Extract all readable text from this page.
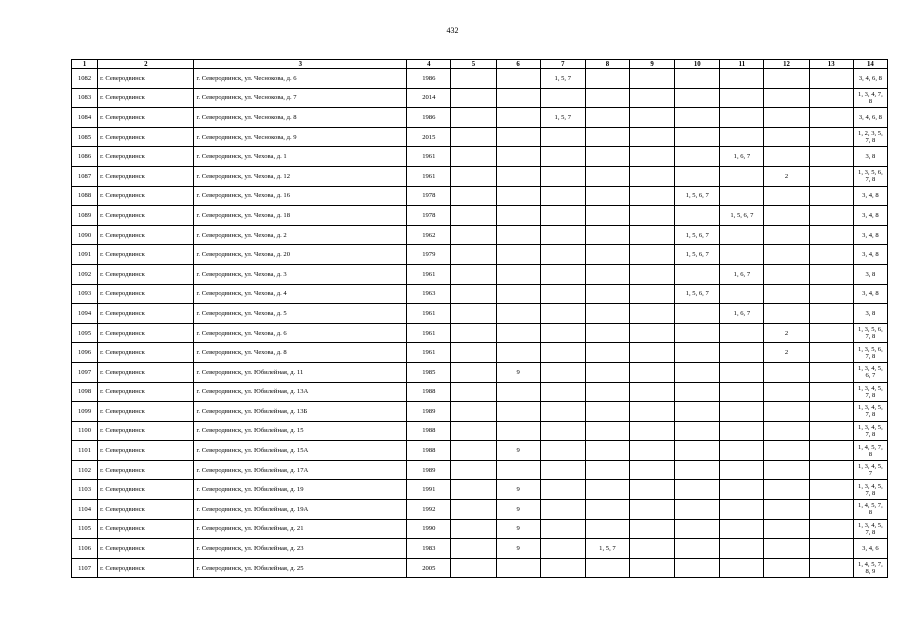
432
1	2	3	4	5	6	7	8	9	10	11	12	13	14
1082	г. Северодвинск	г. Северодвинск, ул. Чеснокова, д. 6	1986			1, 5, 7							3, 4, 6, 8
1083	г. Северодвинск	г. Северодвинск, ул. Чеснокова, д. 7	2014										1, 3, 4, 7, 8
1084	г. Северодвинск	г. Северодвинск, ул. Чеснокова, д. 8	1986			1, 5, 7							3, 4, 6, 8
1085	г. Северодвинск	г. Северодвинск, ул. Чеснокова, д. 9	2015										1, 2, 3, 5, 7, 8
1086	г. Северодвинск	г. Северодвинск, ул. Чехова, д. 1	1961							1, 6, 7			3, 8
1087	г. Северодвинск	г. Северодвинск, ул. Чехова, д. 12	1961								2		1, 3, 5, 6, 7, 8
1088	г. Северодвинск	г. Северодвинск, ул. Чехова, д. 16	1978						1, 5, 6, 7				3, 4, 8
1089	г. Северодвинск	г. Северодвинск, ул. Чехова, д. 18	1978							1, 5, 6, 7			3, 4, 8
1090	г. Северодвинск	г. Северодвинск, ул. Чехова, д. 2	1962						1, 5, 6, 7				3, 4, 8
1091	г. Северодвинск	г. Северодвинск, ул. Чехова, д. 20	1979						1, 5, 6, 7				3, 4, 8
1092	г. Северодвинск	г. Северодвинск, ул. Чехова, д. 3	1961							1, 6, 7			3, 8
1093	г. Северодвинск	г. Северодвинск, ул. Чехова, д. 4	1963						1, 5, 6, 7				3, 4, 8
1094	г. Северодвинск	г. Северодвинск, ул. Чехова, д. 5	1961							1, 6, 7			3, 8
1095	г. Северодвинск	г. Северодвинск, ул. Чехова, д. 6	1961								2		1, 3, 5, 6, 7, 8
1096	г. Северодвинск	г. Северодвинск, ул. Чехова, д. 8	1961								2		1, 3, 5, 6, 7, 8
1097	г. Северодвинск	г. Северодвинск, ул. Юбилейная, д. 11	1985		9								1, 3, 4, 5, 6, 7
1098	г. Северодвинск	г. Северодвинск, ул. Юбилейная, д. 13А	1988										1, 3, 4, 5, 7, 8
1099	г. Северодвинск	г. Северодвинск, ул. Юбилейная, д. 13Б	1989										1, 3, 4, 5, 7, 8
1100	г. Северодвинск	г. Северодвинск, ул. Юбилейная, д. 15	1988										1, 3, 4, 5, 7, 8
1101	г. Северодвинск	г. Северодвинск, ул. Юбилейная, д. 15А	1988		9								1, 4, 5, 7, 8
1102	г. Северодвинск	г. Северодвинск, ул. Юбилейная, д. 17А	1989										1, 3, 4, 5, 7
1103	г. Северодвинск	г. Северодвинск, ул. Юбилейная, д. 19	1991		9								1, 3, 4, 5, 7, 8
1104	г. Северодвинск	г. Северодвинск, ул. Юбилейная, д. 19А	1992		9								1, 4, 5, 7, 8
1105	г. Северодвинск	г. Северодвинск, ул. Юбилейная, д. 21	1990		9								1, 3, 4, 5, 7, 8
1106	г. Северодвинск	г. Северодвинск, ул. Юбилейная, д. 23	1983		9		1, 5, 7						3, 4, 6
1107	г. Северодвинск	г. Северодвинск, ул. Юбилейная, д. 25	2005										1, 4, 5, 7, 8, 9
